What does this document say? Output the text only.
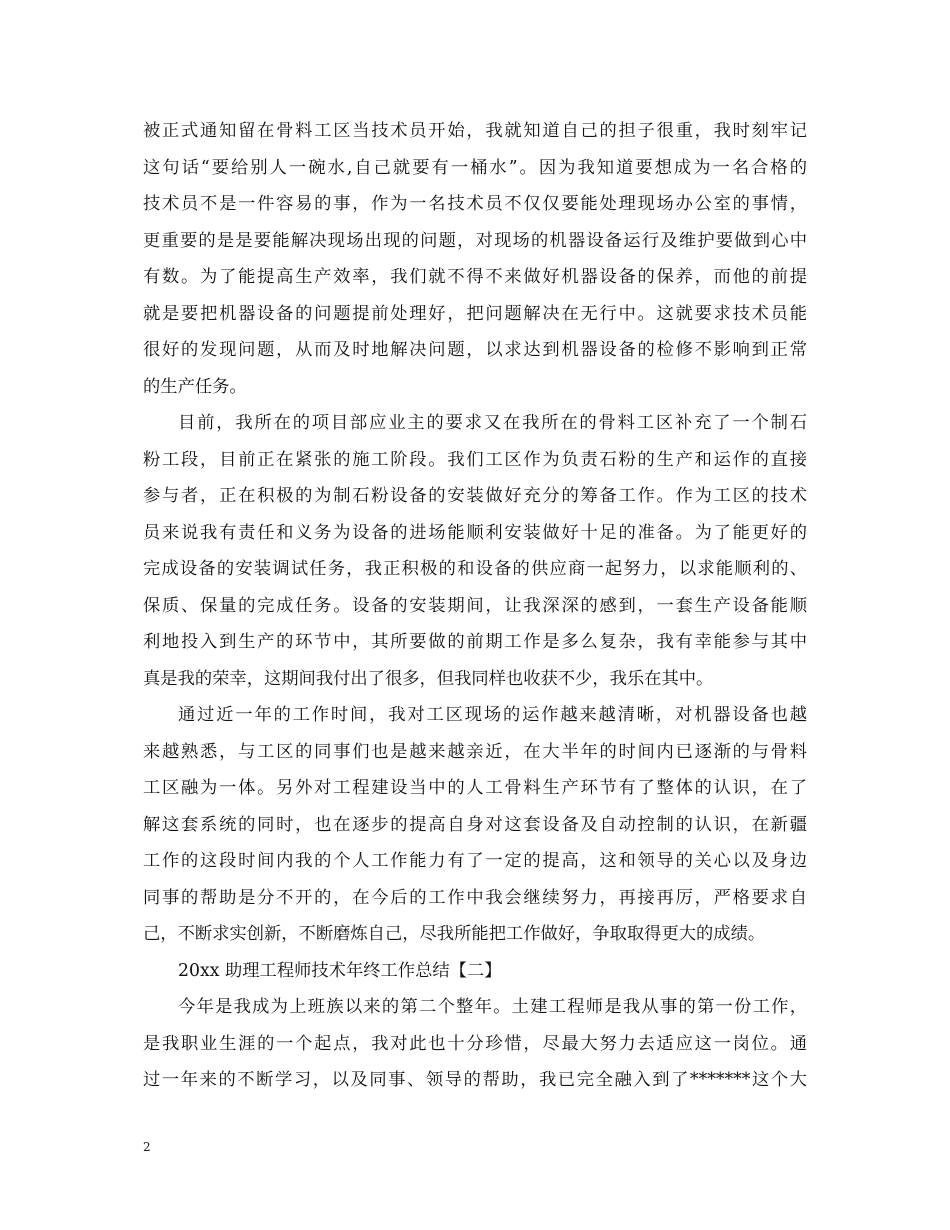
被正式通知留在骨料工区当技术员开始，我就知道自己的担子很重，我时刻牢记
这句话“要给别人一碗水,自己就要有一桶水”。因为我知道要想成为一名合格的
技术员不是一件容易的事，作为一名技术员不仅仅要能处理现场办公室的事情，
更重要的是是要能解决现场出现的问题，对现场的机器设备运行及维护要做到心中
有数。为了能提高生产效率，我们就不得不来做好机器设备的保养，而他的前提
就是要把机器设备的问题提前处理好，把问题解决在无行中。这就要求技术员能
很好的发现问题，从而及时地解决问题，以求达到机器设备的检修不影响到正常
的生产任务。
目前，我所在的项目部应业主的要求又在我所在的骨料工区补充了一个制石
粉工段，目前正在紧张的施工阶段。我们工区作为负责石粉的生产和运作的直接
参与者，正在积极的为制石粉设备的安装做好充分的筹备工作。作为工区的技术
员来说我有责任和义务为设备的进场能顺利安装做好十足的准备。为了能更好的
完成设备的安装调试任务，我正积极的和设备的供应商一起努力，以求能顺利的、
保质、保量的完成任务。设备的安装期间，让我深深的感到，一套生产设备能顺
利地投入到生产的环节中，其所要做的前期工作是多么复杂，我有幸能参与其中
真是我的荣幸，这期间我付出了很多，但我同样也收获不少，我乐在其中。
通过近一年的工作时间，我对工区现场的运作越来越清晰，对机器设备也越
来越熟悉，与工区的同事们也是越来越亲近，在大半年的时间内已逐渐的与骨料
工区融为一体。另外对工程建设当中的人工骨料生产环节有了整体的认识，在了
解这套系统的同时，也在逐步的提高自身对这套设备及自动控制的认识，在新疆
工作的这段时间内我的个人工作能力有了一定的提高，这和领导的关心以及身边
同事的帮助是分不开的，在今后的工作中我会继续努力，再接再厉，严格要求自
己，不断求实创新，不断磨炼自己，尽我所能把工作做好，争取取得更大的成绩。
20xx 助理工程师技术年终工作总结【二】
今年是我成为上班族以来的第二个整年。土建工程师是我从事的第一份工作，
是我职业生涯的一个起点，我对此也十分珍惜，尽最大努力去适应这一岗位。通
过一年来的不断学习，以及同事、领导的帮助，我已完全融入到了*******这个大
2
